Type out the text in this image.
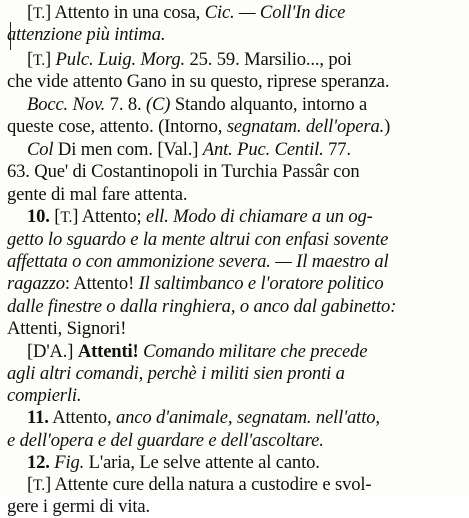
[T.] Attento in una cosa, Cic. — Coll'In dice
attenzione più intima.
[T.] Pulc. Luig. Morg. 25. 59. Marsilio..., poi
che vide attento Gano in su questo, riprese speranza.
Bocc. Nov. 7. 8. (C) Stando alquanto, intorno a
queste cose, attento. (Intorno, segnatam. dell'opera.)
Col Di men com. [Val.] Ant. Puc. Centil. 77.
63. Que' di Costantinopoli in Turchia Passâr con
gente di mal fare attenta.
10. [T.] Attento; ell. Modo di chiamare a un og-
getto lo sguardo e la mente altrui con enfasi sovente
affettata o con ammonizione severa. — Il maestro al
ragazzo: Attento! Il saltimbanco e l'oratore politico
dalle finestre o dalla ringhiera, o anco dal gabinetto:
Attenti, Signori!
[D'A.] Attenti! Comando militare che precede
agli altri comandi, perchè i militi sien pronti a
compierli.
11. Attento, anco d'animale, segnatam. nell'atto,
e dell'opera e del guardare e dell'ascoltare.
12. Fig. L'aria, Le selve attente al canto.
[T.] Attente cure della natura a custodire e svol-
gere i germi di vita.
